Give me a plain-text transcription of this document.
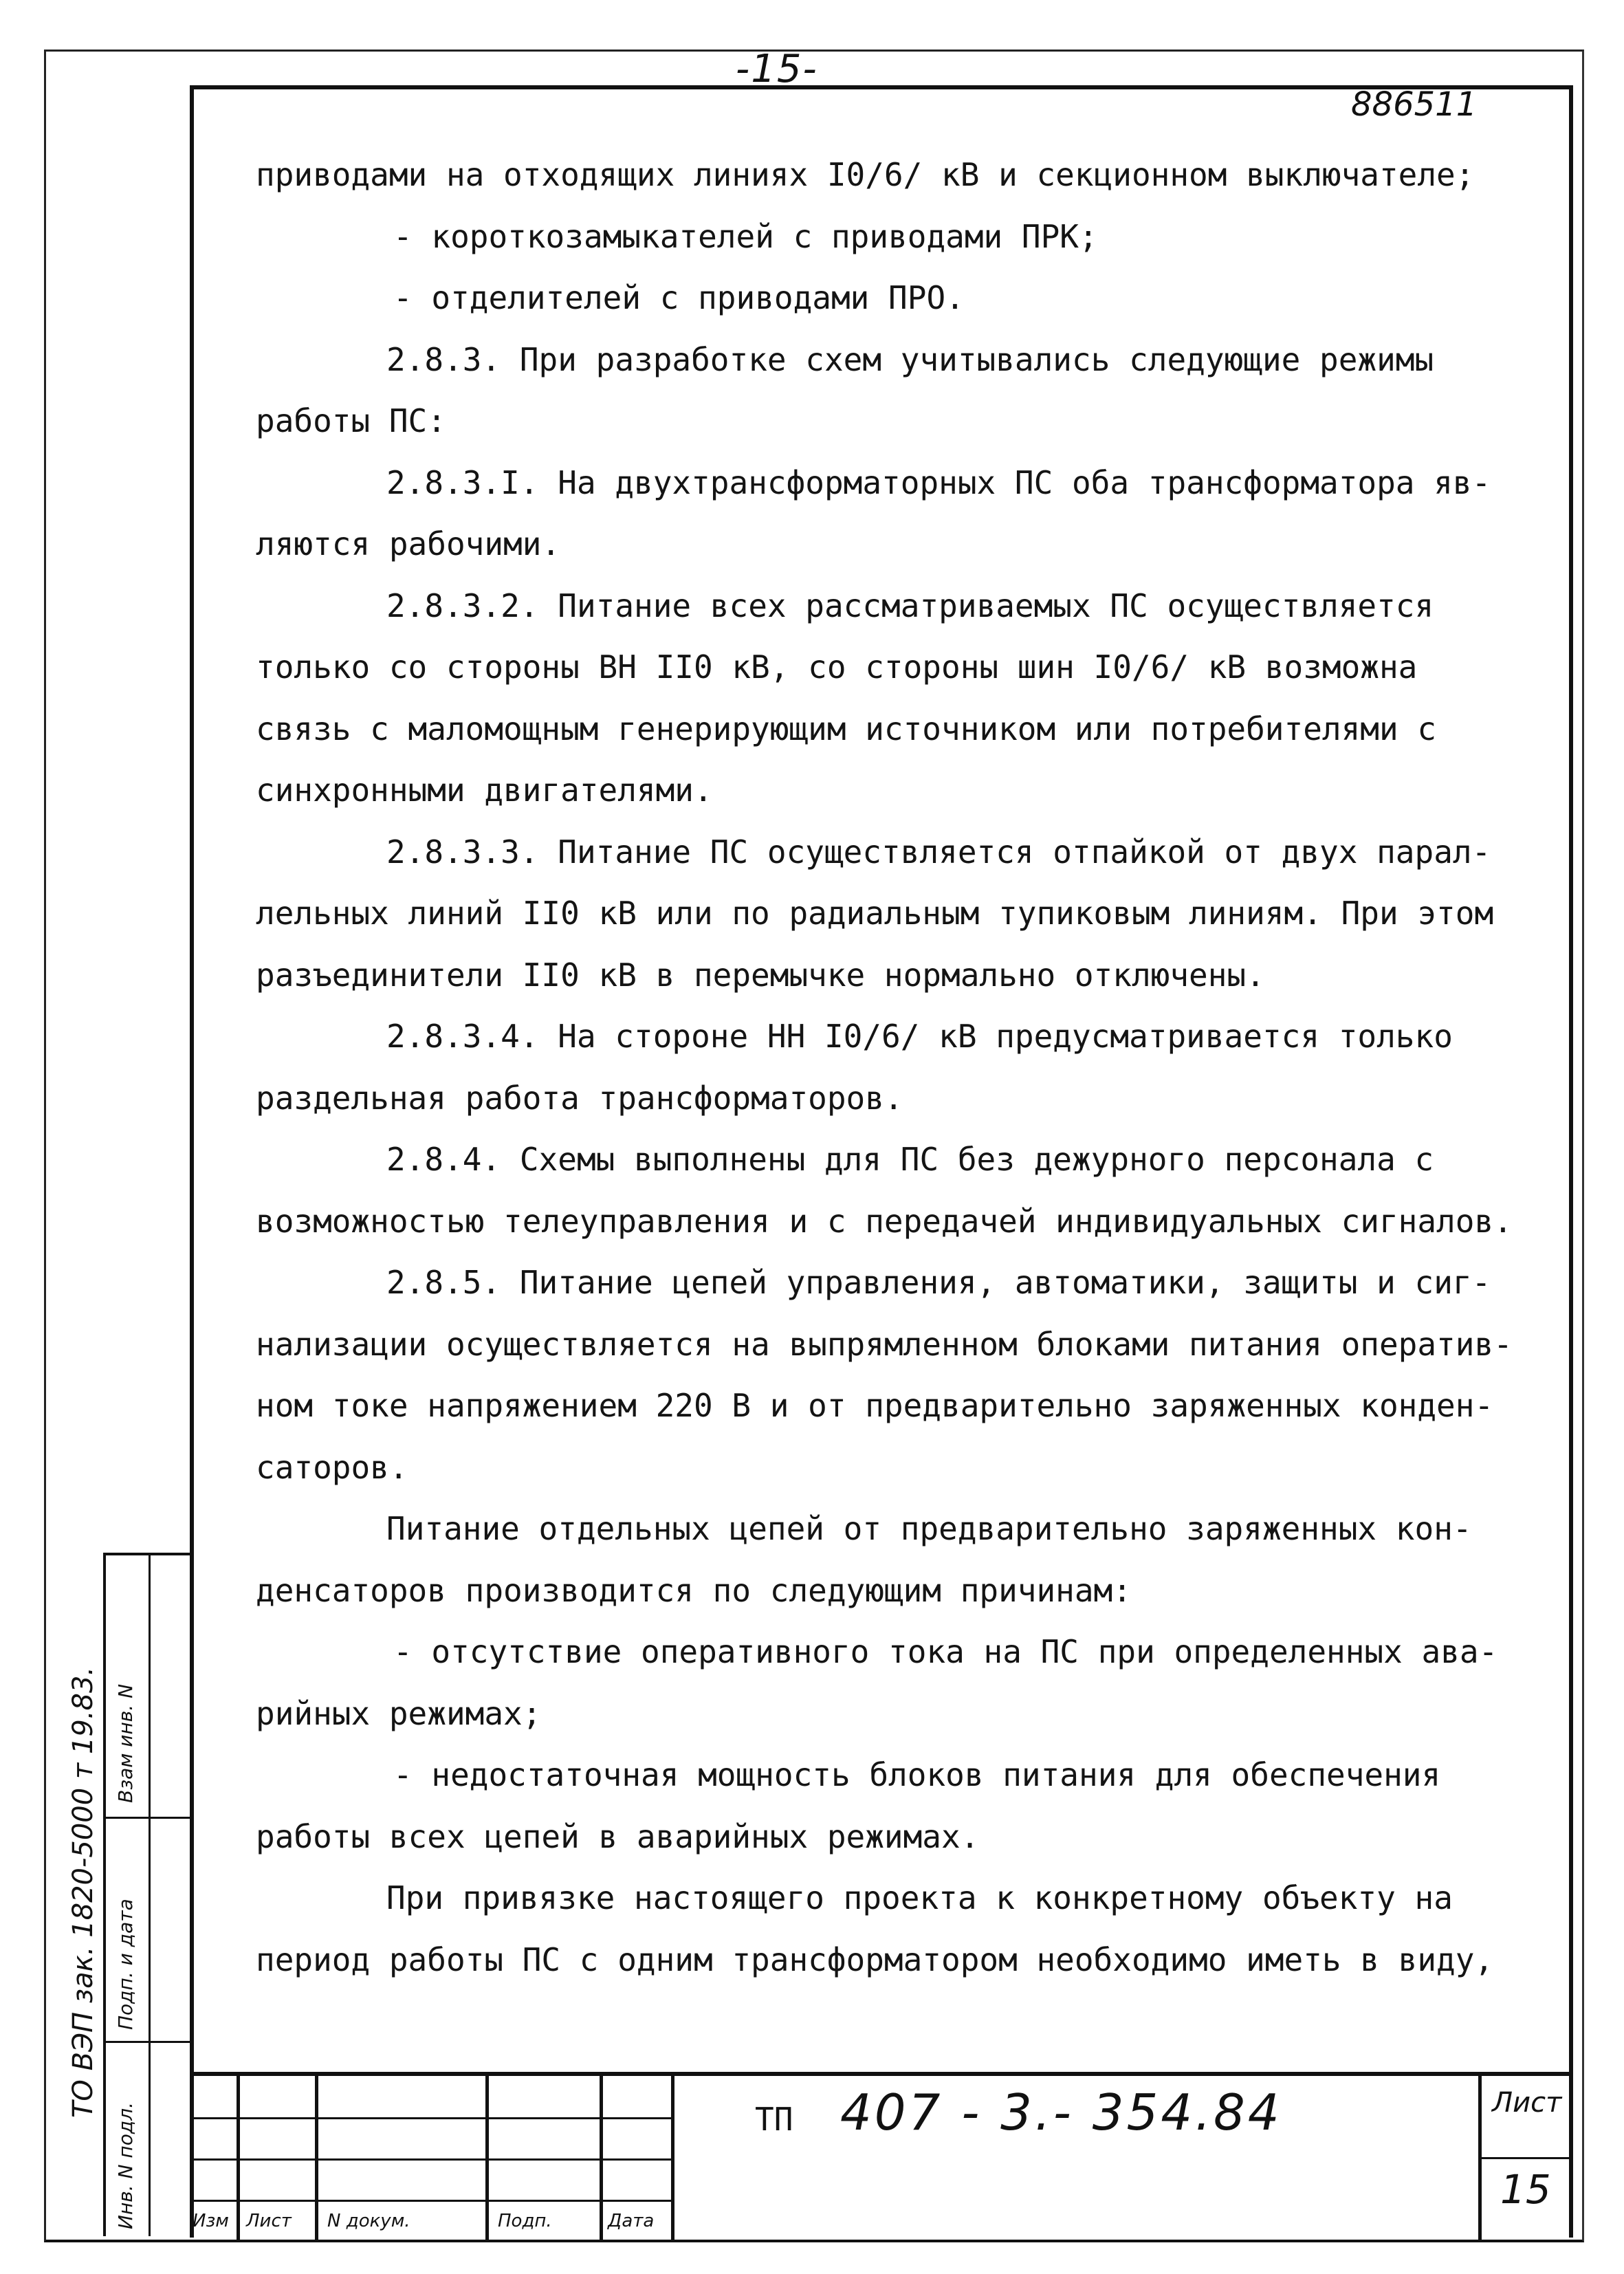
-15-
886511
приводами на отходящих линиях I0/6/ кВ и секционном выключателе;
- короткозамыкателей с приводами ПРК;
- отделителей с приводами ПРО.
2.8.3. При разработке схем учитывались следующие режимы
работы ПС:
2.8.3.I. На двухтрансформаторных ПС оба трансформатора яв-
ляются рабочими.
2.8.3.2. Питание всех рассматриваемых ПС осуществляется
только со стороны ВН II0 кВ, со стороны шин I0/6/ кВ возможна
связь с маломощным генерирующим источником или потребителями с
синхронными двигателями.
2.8.3.3. Питание ПС осуществляется отпайкой от двух парал-
лельных линий II0 кВ или по радиальным тупиковым линиям. При этом
разъединители II0 кВ в перемычке нормально отключены.
2.8.3.4. На стороне НН I0/6/ кВ предусматривается только
раздельная работа трансформаторов.
2.8.4. Схемы выполнены для ПС без дежурного персонала с
возможностью телеуправления и с передачей индивидуальных сигналов.
2.8.5. Питание цепей управления, автоматики, защиты и сиг-
нализации осуществляется на выпрямленном блоками питания оператив-
ном токе напряжением 220 В и от предварительно заряженных конден-
саторов.
Питание отдельных цепей от предварительно заряженных кон-
денсаторов производится по следующим причинам:
- отсутствие оперативного тока на ПС при определенных ава-
рийных режимах;
- недостаточная мощность блоков питания для обеспечения
работы всех цепей в аварийных режимах.
При привязке настоящего проекта к конкретному объекту на
период работы ПС с одним трансформатором необходимо иметь в виду,
Инв. N подл.
Подп. и дата
Взам инв. N
ТО ВЭП зак. 1820-5000 т 19.83.
Изм Лист N докум.	Подп.	Дата
ТП 407 - 3.- 354.84	Лист
15
